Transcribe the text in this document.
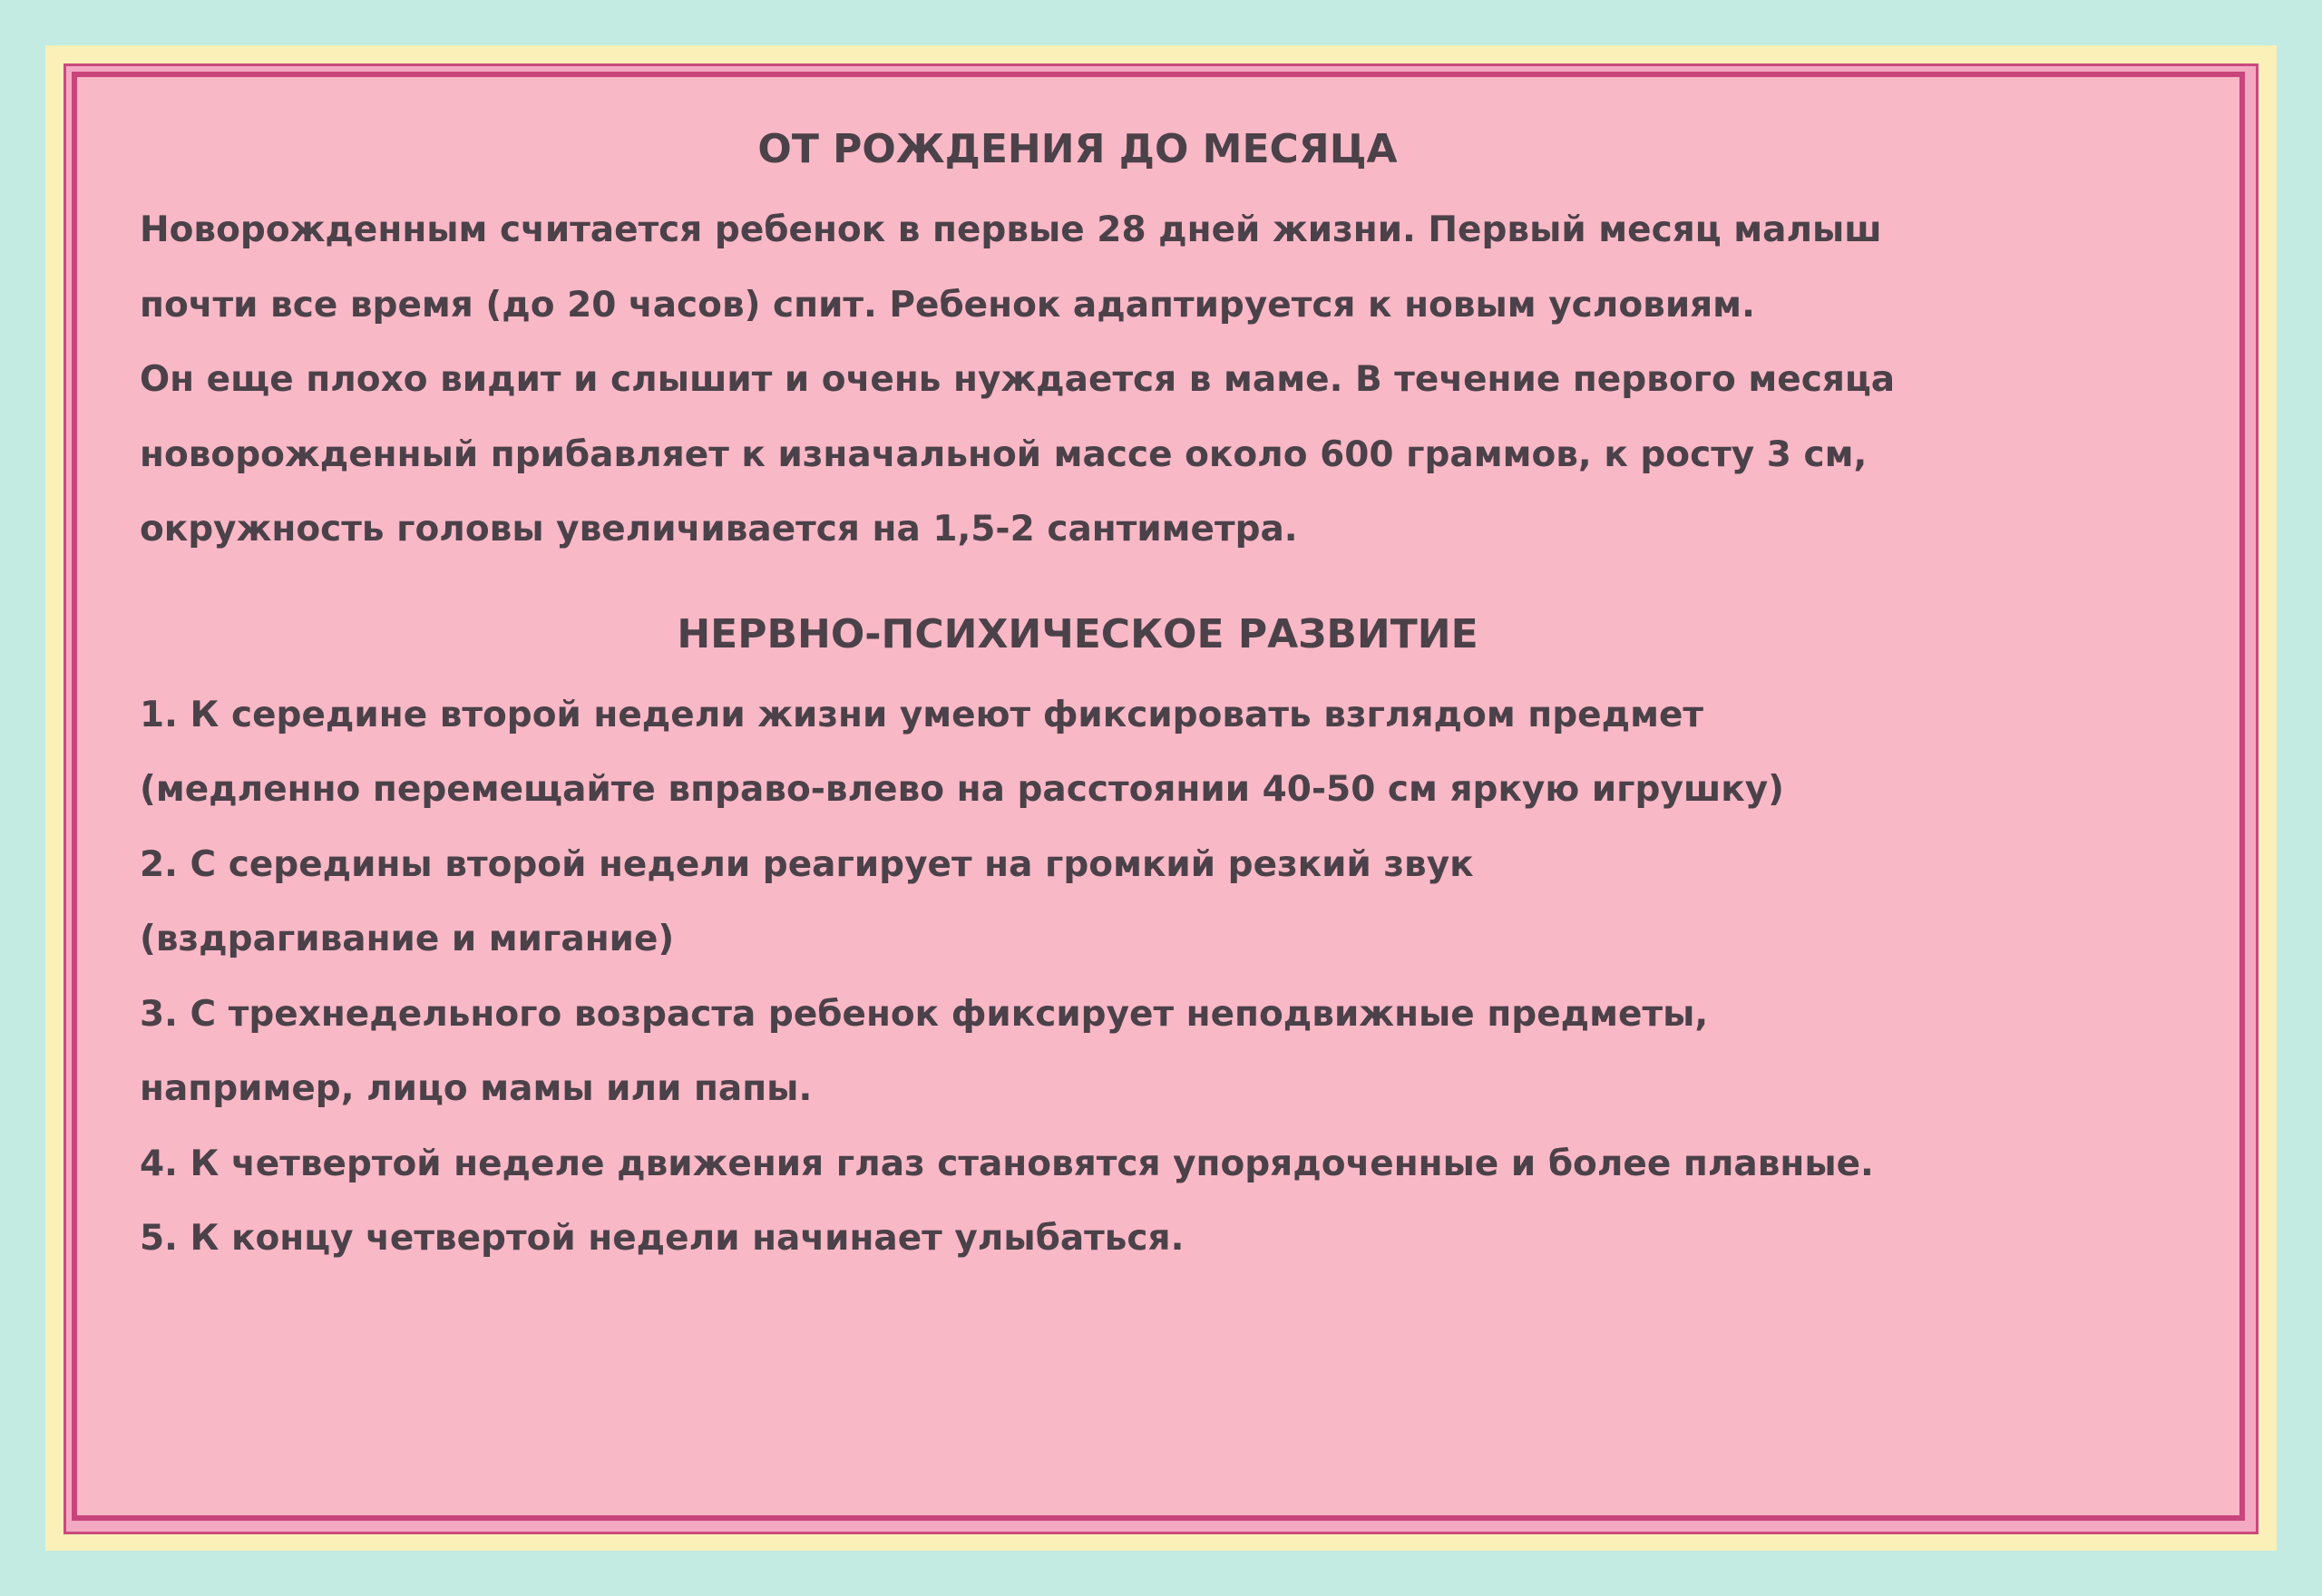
ОТ РОЖДЕНИЯ ДО МЕСЯЦА
Новорожденным считается ребенок в первые 28 дней жизни. Первый месяц малыш
почти все время (до 20 часов) спит. Ребенок адаптируется к новым условиям.
Он еще плохо видит и слышит и очень нуждается в маме. В течение первого месяца
новорожденный прибавляет к изначальной массе около 600 граммов, к росту 3 см,
окружность головы увеличивается на 1,5-2 сантиметра.
НЕРВНО-ПСИХИЧЕСКОЕ РАЗВИТИЕ
1. К середине второй недели жизни умеют фиксировать взглядом предмет
(медленно перемещайте вправо-влево на расстоянии 40-50 см яркую игрушку)
2. С середины второй недели реагирует на громкий резкий звук
(вздрагивание и мигание)
3. С трехнедельного возраста ребенок фиксирует неподвижные предметы,
например, лицо мамы или папы.
4. К четвертой неделе движения глаз становятся упорядоченные и более плавные.
5. К концу четвертой недели начинает улыбаться.
